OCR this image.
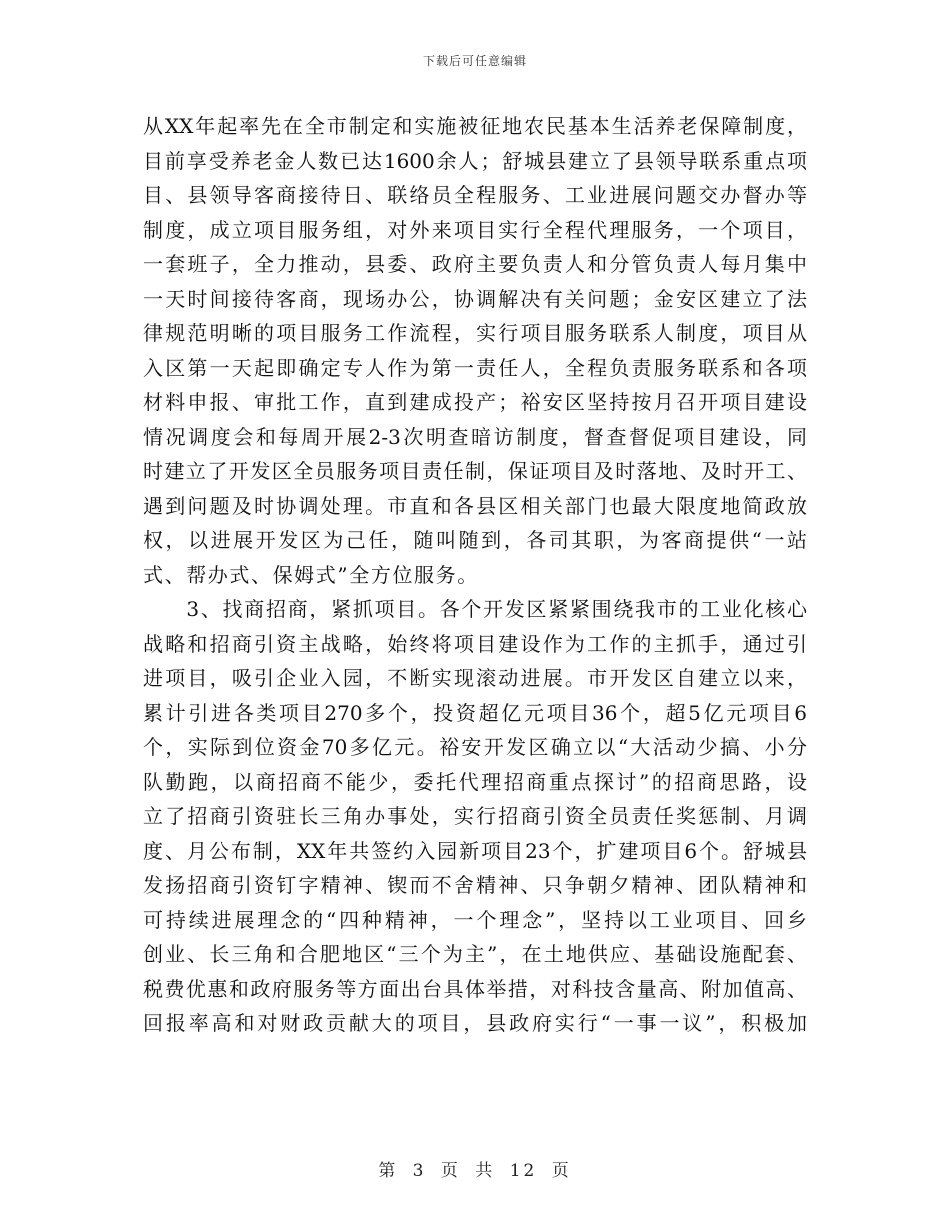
下载后可任意编辑
从XX年起率先在全市制定和实施被征地农民基本生活养老保障制度，
目前享受养老金人数已达1600余人；舒城县建立了县领导联系重点项
目、县领导客商接待日、联络员全程服务、工业进展问题交办督办等
制度，成立项目服务组，对外来项目实行全程代理服务，一个项目，
一套班子，全力推动，县委、政府主要负责人和分管负责人每月集中
一天时间接待客商，现场办公，协调解决有关问题；金安区建立了法
律规范明晰的项目服务工作流程，实行项目服务联系人制度，项目从
入区第一天起即确定专人作为第一责任人，全程负责服务联系和各项
材料申报、审批工作，直到建成投产；裕安区坚持按月召开项目建设
情况调度会和每周开展2-3次明查暗访制度，督查督促项目建设，同
时建立了开发区全员服务项目责任制，保证项目及时落地、及时开工、
遇到问题及时协调处理。市直和各县区相关部门也最大限度地简政放
权，以进展开发区为己任，随叫随到，各司其职，为客商提供“一站
式、帮办式、保姆式”全方位服务。
　　3、找商招商，紧抓项目。各个开发区紧紧围绕我市的工业化核心
战略和招商引资主战略，始终将项目建设作为工作的主抓手，通过引
进项目，吸引企业入园，不断实现滚动进展。市开发区自建立以来，
累计引进各类项目270多个，投资超亿元项目36个，超5亿元项目6
个，实际到位资金70多亿元。裕安开发区确立以“大活动少搞、小分
队勤跑，以商招商不能少，委托代理招商重点探讨”的招商思路，设
立了招商引资驻长三角办事处，实行招商引资全员责任奖惩制、月调
度、月公布制，XX年共签约入园新项目23个，扩建项目6个。舒城县
发扬招商引资钉字精神、锲而不舍精神、只争朝夕精神、团队精神和
可持续进展理念的“四种精神，一个理念”，坚持以工业项目、回乡
创业、长三角和合肥地区“三个为主”，在土地供应、基础设施配套、
税费优惠和政府服务等方面出台具体举措，对科技含量高、附加值高、
回报率高和对财政贡献大的项目，县政府实行“一事一议”，积极加
第 3 页 共 12 页
